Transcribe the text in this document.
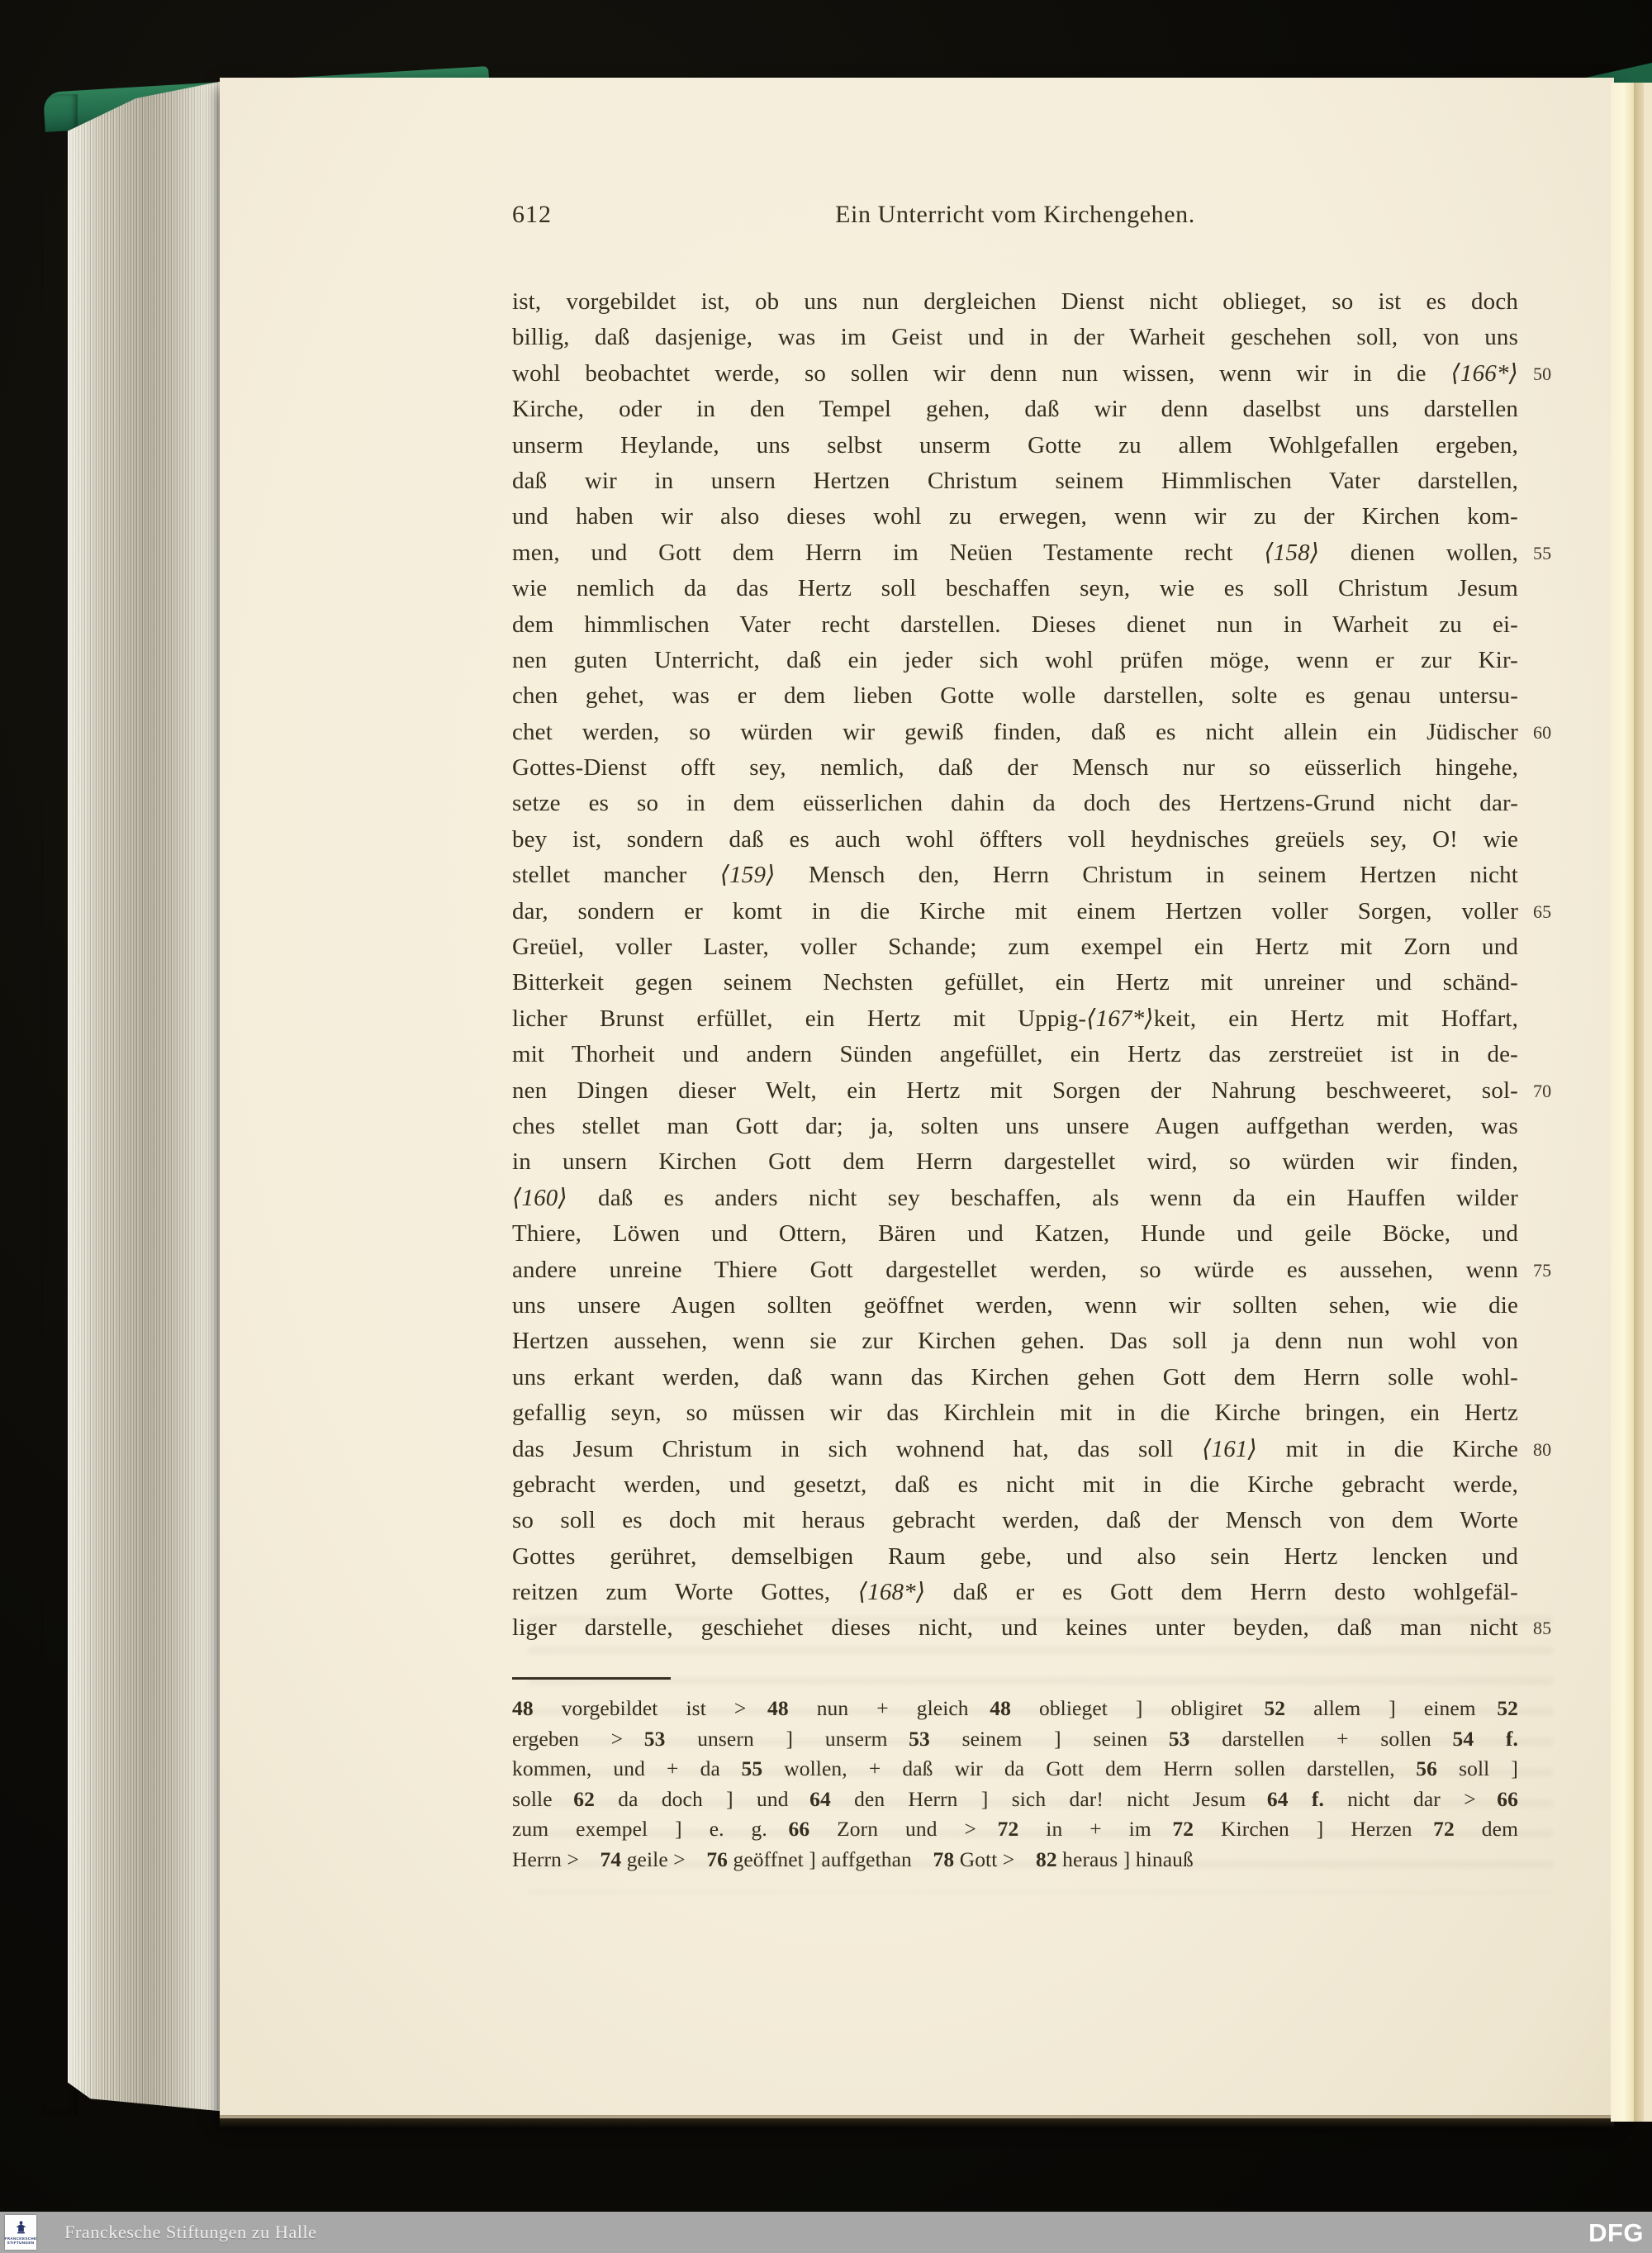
612	Ein Unterricht vom Kirchengehen.
ist, vorgebildet ist, ob uns nun dergleichen Dienst nicht oblieget, so ist es doch
billig, daß dasjenige, was im Geist und in der Warheit geschehen soll, von uns
wohl beobachtet werde, so sollen wir denn nun wissen, wenn wir in die ⟨166*⟩ 50
Kirche, oder in den Tempel gehen, daß wir denn daselbst uns darstellen
unserm Heylande, uns selbst unserm Gotte zu allem Wohlgefallen ergeben,
daß wir in unsern Hertzen Christum seinem Himmlischen Vater darstellen,
und haben wir also dieses wohl zu erwegen, wenn wir zu der Kirchen kom-
men, und Gott dem Herrn im Neüen Testamente recht ⟨158⟩ dienen wollen, 55
wie nemlich da das Hertz soll beschaffen seyn, wie es soll Christum Jesum
dem himmlischen Vater recht darstellen. Dieses dienet nun in Warheit zu ei-
nen guten Unterricht, daß ein jeder sich wohl prüfen möge, wenn er zur Kir-
chen gehet, was er dem lieben Gotte wolle darstellen, solte es genau untersu-
chet werden, so würden wir gewiß finden, daß es nicht allein ein Jüdischer 60
Gottes-Dienst offt sey, nemlich, daß der Mensch nur so eüsserlich hingehe,
setze es so in dem eüsserlichen dahin da doch des Hertzens-Grund nicht dar-
bey ist, sondern daß es auch wohl öffters voll heydnisches greüels sey, O! wie
stellet mancher ⟨159⟩ Mensch den, Herrn Christum in seinem Hertzen nicht
dar, sondern er komt in die Kirche mit einem Hertzen voller Sorgen, voller 65
Greüel, voller Laster, voller Schande; zum exempel ein Hertz mit Zorn und
Bitterkeit gegen seinem Nechsten gefüllet, ein Hertz mit unreiner und schänd-
licher Brunst erfüllet, ein Hertz mit Uppig-⟨167*⟩keit, ein Hertz mit Hoffart,
mit Thorheit und andern Sünden angefüllet, ein Hertz das zerstreüet ist in de-
nen Dingen dieser Welt, ein Hertz mit Sorgen der Nahrung beschweeret, sol- 70
ches stellet man Gott dar; ja, solten uns unsere Augen auffgethan werden, was
in unsern Kirchen Gott dem Herrn dargestellet wird, so würden wir finden,
⟨160⟩ daß es anders nicht sey beschaffen, als wenn da ein Hauffen wilder
Thiere, Löwen und Ottern, Bären und Katzen, Hunde und geile Böcke, und
andere unreine Thiere Gott dargestellet werden, so würde es aussehen, wenn 75
uns unsere Augen sollten geöffnet werden, wenn wir sollten sehen, wie die
Hertzen aussehen, wenn sie zur Kirchen gehen. Das soll ja denn nun wohl von
uns erkant werden, daß wann das Kirchen gehen Gott dem Herrn solle wohl-
gefallig seyn, so müssen wir das Kirchlein mit in die Kirche bringen, ein Hertz
das Jesum Christum in sich wohnend hat, das soll ⟨161⟩ mit in die Kirche 80
gebracht werden, und gesetzt, daß es nicht mit in die Kirche gebracht werde,
so soll es doch mit heraus gebracht werden, daß der Mensch von dem Worte
Gottes gerühret, demselbigen Raum gebe, und also sein Hertz lencken und
reitzen zum Worte Gottes, ⟨168*⟩ daß er es Gott dem Herrn desto wohlgefäl-
liger darstelle, geschiehet dieses nicht, und keines unter beyden, daß man nicht 85
48 vorgebildet ist > 48 nun + gleich 48 oblieget ] obligiret 52 allem ] einem 52
ergeben > 53 unsern ] unserm 53 seinem ] seinen 53 darstellen + sollen 54 f.
kommen, und + da 55 wollen, + daß wir da Gott dem Herrn sollen darstellen, 56 soll ]
solle 62 da doch ] und 64 den Herrn ] sich dar! nicht Jesum 64 f. nicht dar > 66
zum exempel ] e. g. 66 Zorn und > 72 in + im 72 Kirchen ] Herzen 72 dem
Herrn > 74 geile > 76 geöffnet ] auffgethan 78 Gott > 82 heraus ] hinauß
FRANCKESCHE
STIFTUNGEN
Franckesche Stiftungen zu Halle	DFG
